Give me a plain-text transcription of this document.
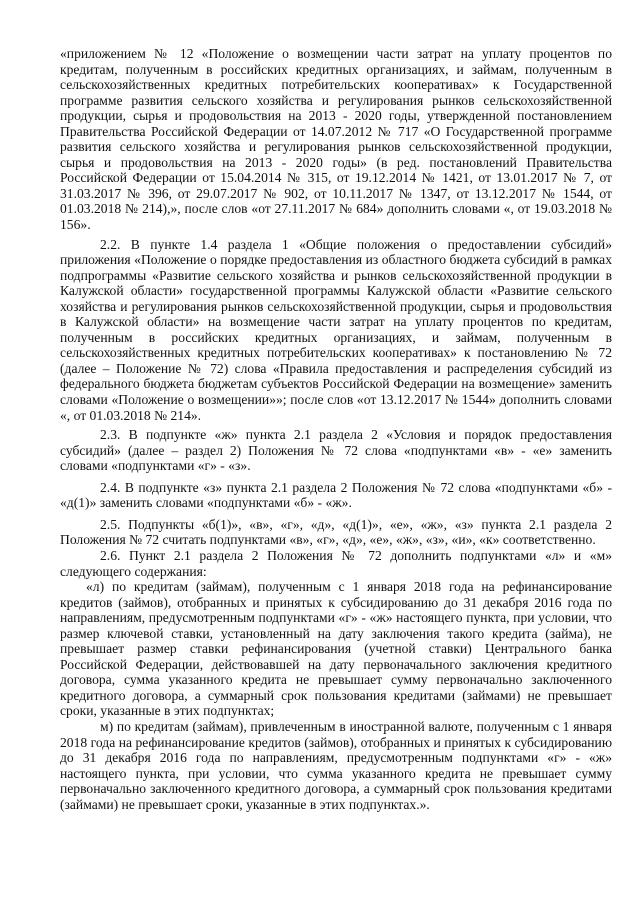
«приложением № 12 «Положение о возмещении части затрат на уплату процентов по кредитам, полученным в российских кредитных организациях, и займам, полученным в сельскохозяйственных кредитных потребительских кооперативах» к Государственной программе развития сельского хозяйства и регулирования рынков сельскохозяйственной продукции, сырья и продовольствия на 2013 - 2020 годы, утвержденной постановлением Правительства Российской Федерации от 14.07.2012 № 717 «О Государственной программе развития сельского хозяйства и регулирования рынков сельскохозяйственной продукции, сырья и продовольствия на 2013 - 2020 годы» (в ред. постановлений Правительства Российской Федерации от 15.04.2014 № 315, от 19.12.2014 № 1421, от 13.01.2017 № 7, от 31.03.2017 № 396, от 29.07.2017 № 902, от 10.11.2017 № 1347, от 13.12.2017 № 1544, от 01.03.2018 № 214),», после слов «от 27.11.2017 № 684» дополнить словами «, от 19.03.2018 № 156».

2.2. В пункте 1.4 раздела 1 «Общие положения о предоставлении субсидий» приложения «Положение о порядке предоставления из областного бюджета субсидий в рамках подпрограммы «Развитие сельского хозяйства и рынков сельскохозяйственной продукции в Калужской области» государственной программы Калужской области «Развитие сельского хозяйства и регулирования рынков сельскохозяйственной продукции, сырья и продовольствия в Калужской области» на возмещение части затрат на уплату процентов по кредитам, полученным в российских кредитных организациях, и займам, полученным в сельскохозяйственных кредитных потребительских кооперативах» к постановлению № 72 (далее – Положение № 72) слова «Правила предоставления и распределения субсидий из федерального бюджета бюджетам субъектов Российской Федерации на возмещение» заменить словами «Положение о возмещении»»; после слов «от 13.12.2017 № 1544» дополнить словами «, от 01.03.2018 № 214».

2.3. В подпункте «ж» пункта 2.1 раздела 2 «Условия и порядок предоставления субсидий» (далее – раздел 2) Положения № 72 слова «подпунктами «в» - «е» заменить словами «подпунктами «г» - «з».

2.4. В подпункте «з» пункта 2.1 раздела 2 Положения № 72 слова «подпунктами «б» - «д(1)» заменить словами «подпунктами «б» - «ж».

2.5. Подпункты «б(1)», «в», «г», «д», «д(1)», «е», «ж», «з» пункта 2.1 раздела 2 Положения № 72 считать подпунктами «в», «г», «д», «е», «ж», «з», «и», «к» соответственно.

2.6. Пункт 2.1 раздела 2 Положения № 72 дополнить подпунктами «л» и «м» следующего содержания:

«л) по кредитам (займам), полученным с 1 января 2018 года на рефинансирование кредитов (займов), отобранных и принятых к субсидированию до 31 декабря 2016 года по направлениям, предусмотренным подпунктами «г» - «ж» настоящего пункта, при условии, что размер ключевой ставки, установленный на дату заключения такого кредита (займа), не превышает размер ставки рефинансирования (учетной ставки) Центрального банка Российской Федерации, действовавшей на дату первоначального заключения кредитного договора, сумма указанного кредита не превышает сумму первоначально заключенного кредитного договора, а суммарный срок пользования кредитами (займами) не превышает сроки, указанные в этих подпунктах;

м) по кредитам (займам), привлеченным в иностранной валюте, полученным с 1 января 2018 года на рефинансирование кредитов (займов), отобранных и принятых к субсидированию до 31 декабря 2016 года по направлениям, предусмотренным подпунктами «г» - «ж» настоящего пункта, при условии, что сумма указанного кредита не превышает сумму первоначально заключенного кредитного договора, а суммарный срок пользования кредитами (займами) не превышает сроки, указанные в этих подпунктах.».
